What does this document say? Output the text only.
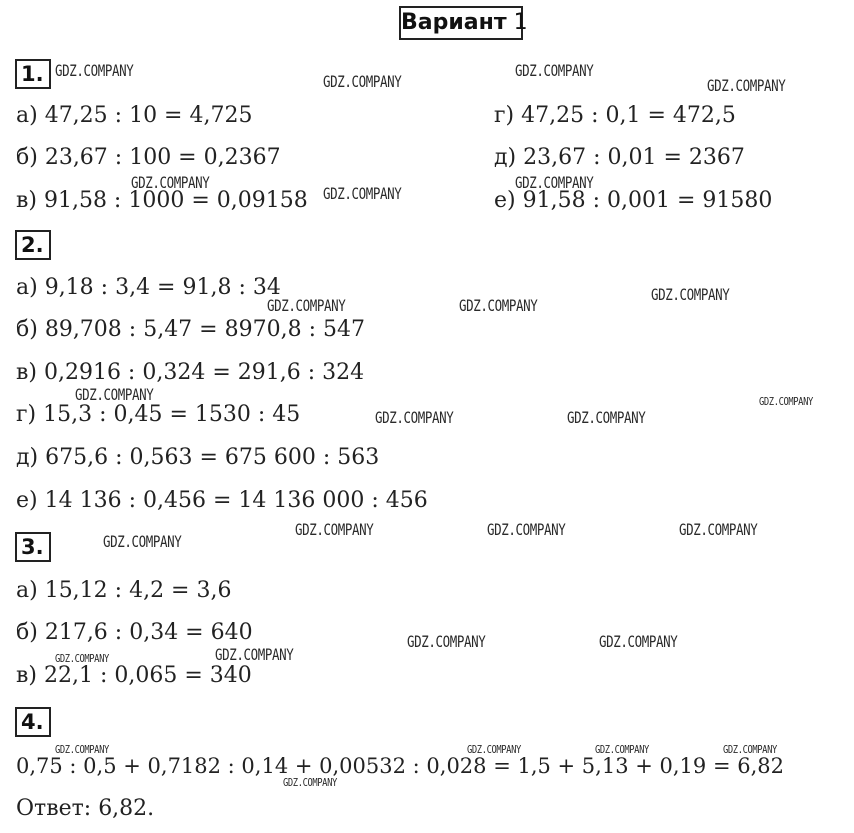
Вариант 1
1.
а) 47,25 : 10 = 4,725
б) 23,67 : 100 = 0,2367
в) 91,58 : 1000 = 0,09158
г) 47,25 : 0,1 = 472,5
д) 23,67 : 0,01 = 2367
е) 91,58 : 0,001 = 91580
2.
а) 9,18 : 3,4 = 91,8 : 34
б) 89,708 : 5,47 = 8970,8 : 547
в) 0,2916 : 0,324 = 291,6 : 324
г) 15,3 : 0,45 = 1530 : 45
д) 675,6 : 0,563 = 675 600 : 563
е) 14 136 : 0,456 = 14 136 000 : 456
3.
а) 15,12 : 4,2 = 3,6
б) 217,6 : 0,34 = 640
в) 22,1 : 0,065 = 340
4.
0,75 : 0,5 + 0,7182 : 0,14 + 0,00532 : 0,028 = 1,5 + 5,13 + 0,19 = 6,82
Ответ: 6,82.
GDZ.COMPANY
GDZ.COMPANY
GDZ.COMPANY
GDZ.COMPANY
GDZ.COMPANY
GDZ.COMPANY
GDZ.COMPANY
GDZ.COMPANY	GDZ.COMPANY
GDZ.COMPANY
GDZ.COMPANY
GDZ.COMPANY	GDZ.COMPANY
GDZ.COMPANY
GDZ.COMPANY	GDZ.COMPANY	GDZ.COMPANY
GDZ.COMPANY
GDZ.COMPANY	GDZ.COMPANY
GDZ.COMPANY
GDZ.COMPANY
GDZ.COMPANY	GDZ.COMPANY	GDZ.COMPANY	GDZ.COMPANY
GDZ.COMPANY
